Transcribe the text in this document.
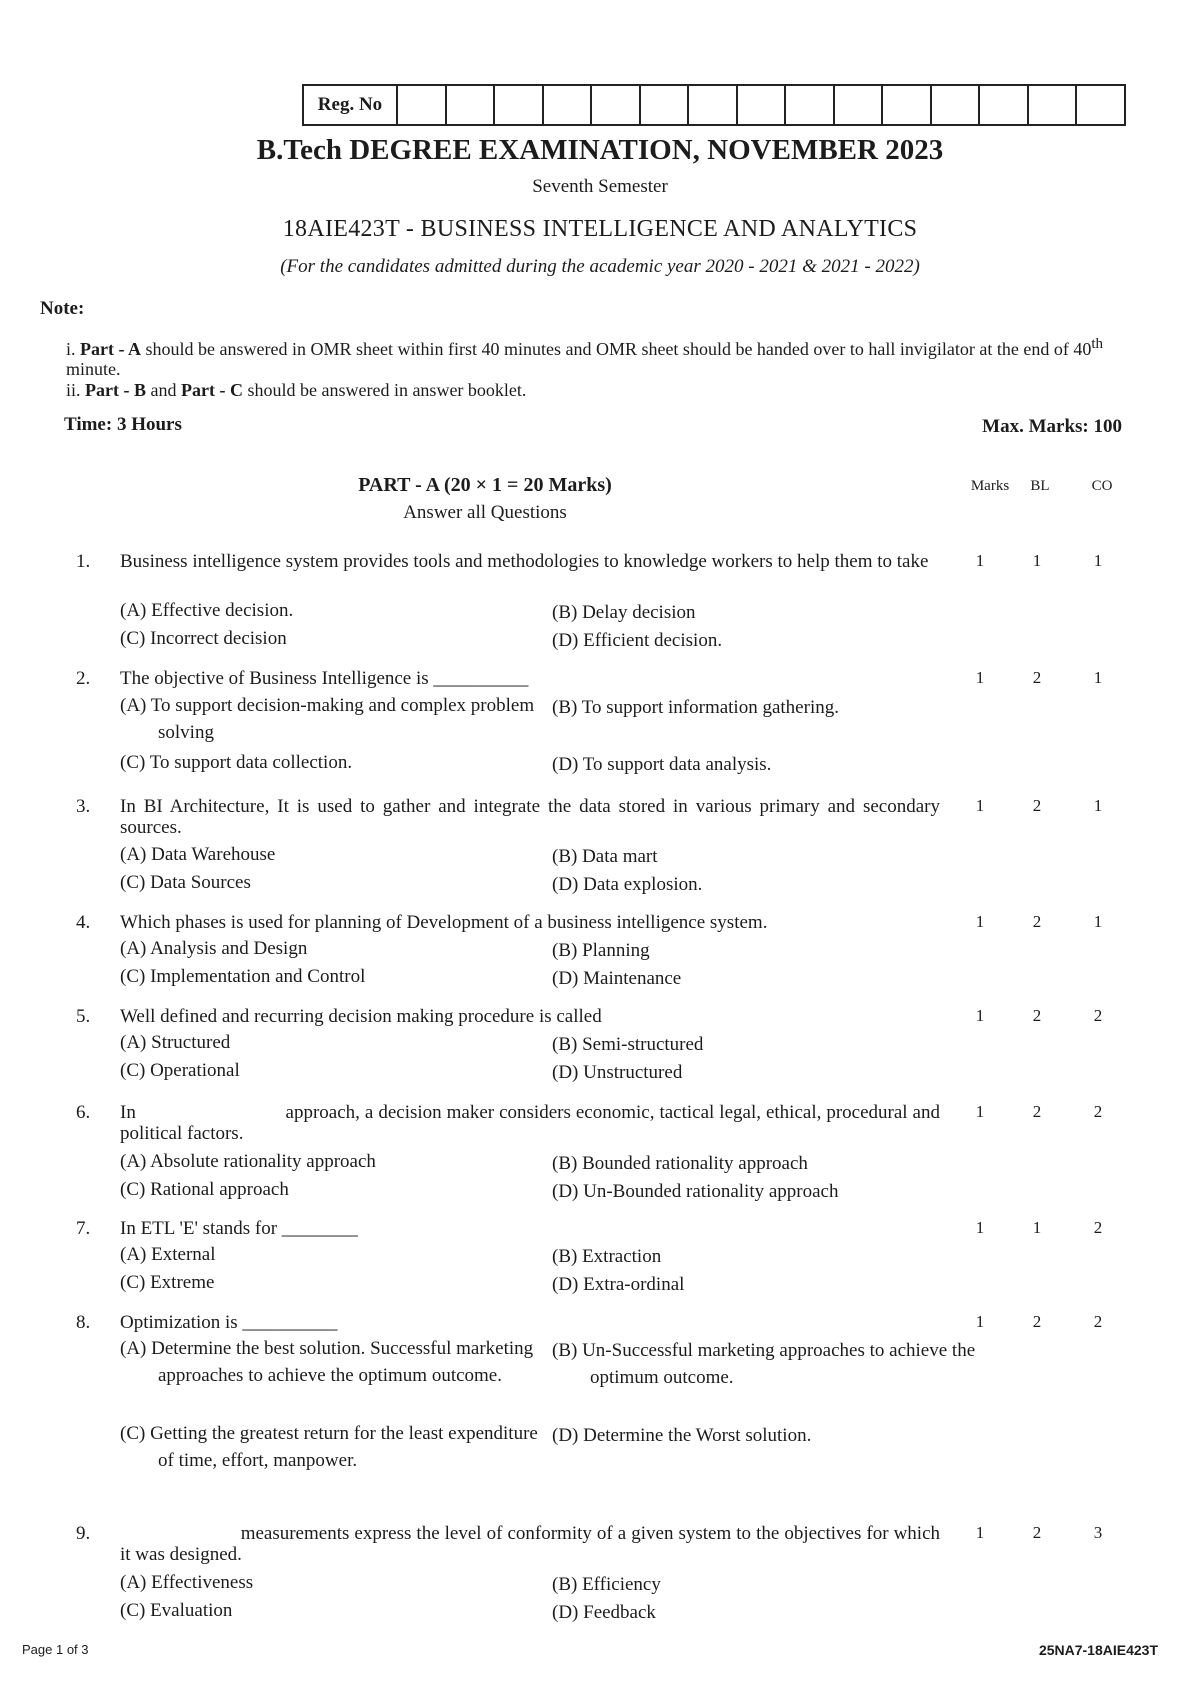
Reg. No
B.Tech DEGREE EXAMINATION, NOVEMBER 2023
Seventh Semester
18AIE423T - BUSINESS INTELLIGENCE AND ANALYTICS
(For the candidates admitted during the academic year 2020 - 2021 & 2021 - 2022)
Note:
i. Part - A should be answered in OMR sheet within first 40 minutes and OMR sheet should be handed over to hall invigilator at the end of 40th minute.
ii. Part - B and Part - C should be answered in answer booklet.
Time: 3 Hours	Max. Marks: 100
PART - A (20 × 1 = 20 Marks)
Answer all Questions
Marks	BL	CO
1. Business intelligence system provides tools and methodologies to knowledge workers to help them to take	1	1	1
(A) Effective decision.	(B) Delay decision
(C) Incorrect decision	(D) Efficient decision.
2. The objective of Business Intelligence is __________	1	2	1
(A) To support decision-making and complex problem solving
(B) To support information gathering.
(C) To support data collection.	(D) To support data analysis.
3. In BI Architecture, It is used to gather and integrate the data stored in various primary and secondary sources.
1	2	1
(A) Data Warehouse	(B) Data mart
(C) Data Sources	(D) Data explosion.
4. Which phases is used for planning of Development of a business intelligence system.	1	2	1
(A) Analysis and Design	(B) Planning
(C) Implementation and Control	(D) Maintenance
5. Well defined and recurring decision making procedure is called	1	2	2
(A) Structured	(B) Semi-structured
(C) Operational	(D) Unstructured
6. In                              approach, a decision maker considers economic, tactical legal, ethical, procedural and political factors.
1	2	2
(A) Absolute rationality approach	(B) Bounded rationality approach
(C) Rational approach	(D) Un-Bounded rationality approach
7. In ETL 'E' stands for ________	1	1	2
(A) External	(B) Extraction
(C) Extreme	(D) Extra-ordinal
8. Optimization is __________	1	2	2
(A) Determine the best solution. Successful marketing approaches to achieve the optimum outcome.
(B) Un-Successful marketing approaches to achieve the optimum outcome.
(C) Getting the greatest return for the least expenditure of time, effort, manpower.
(D) Determine the Worst solution.
9. measurements express the level of conformity of a given system to the objectives for which it was designed.
1	2	3
(A) Effectiveness	(B) Efficiency
(C) Evaluation	(D) Feedback
Page 1 of 3	25NA7-18AIE423T
